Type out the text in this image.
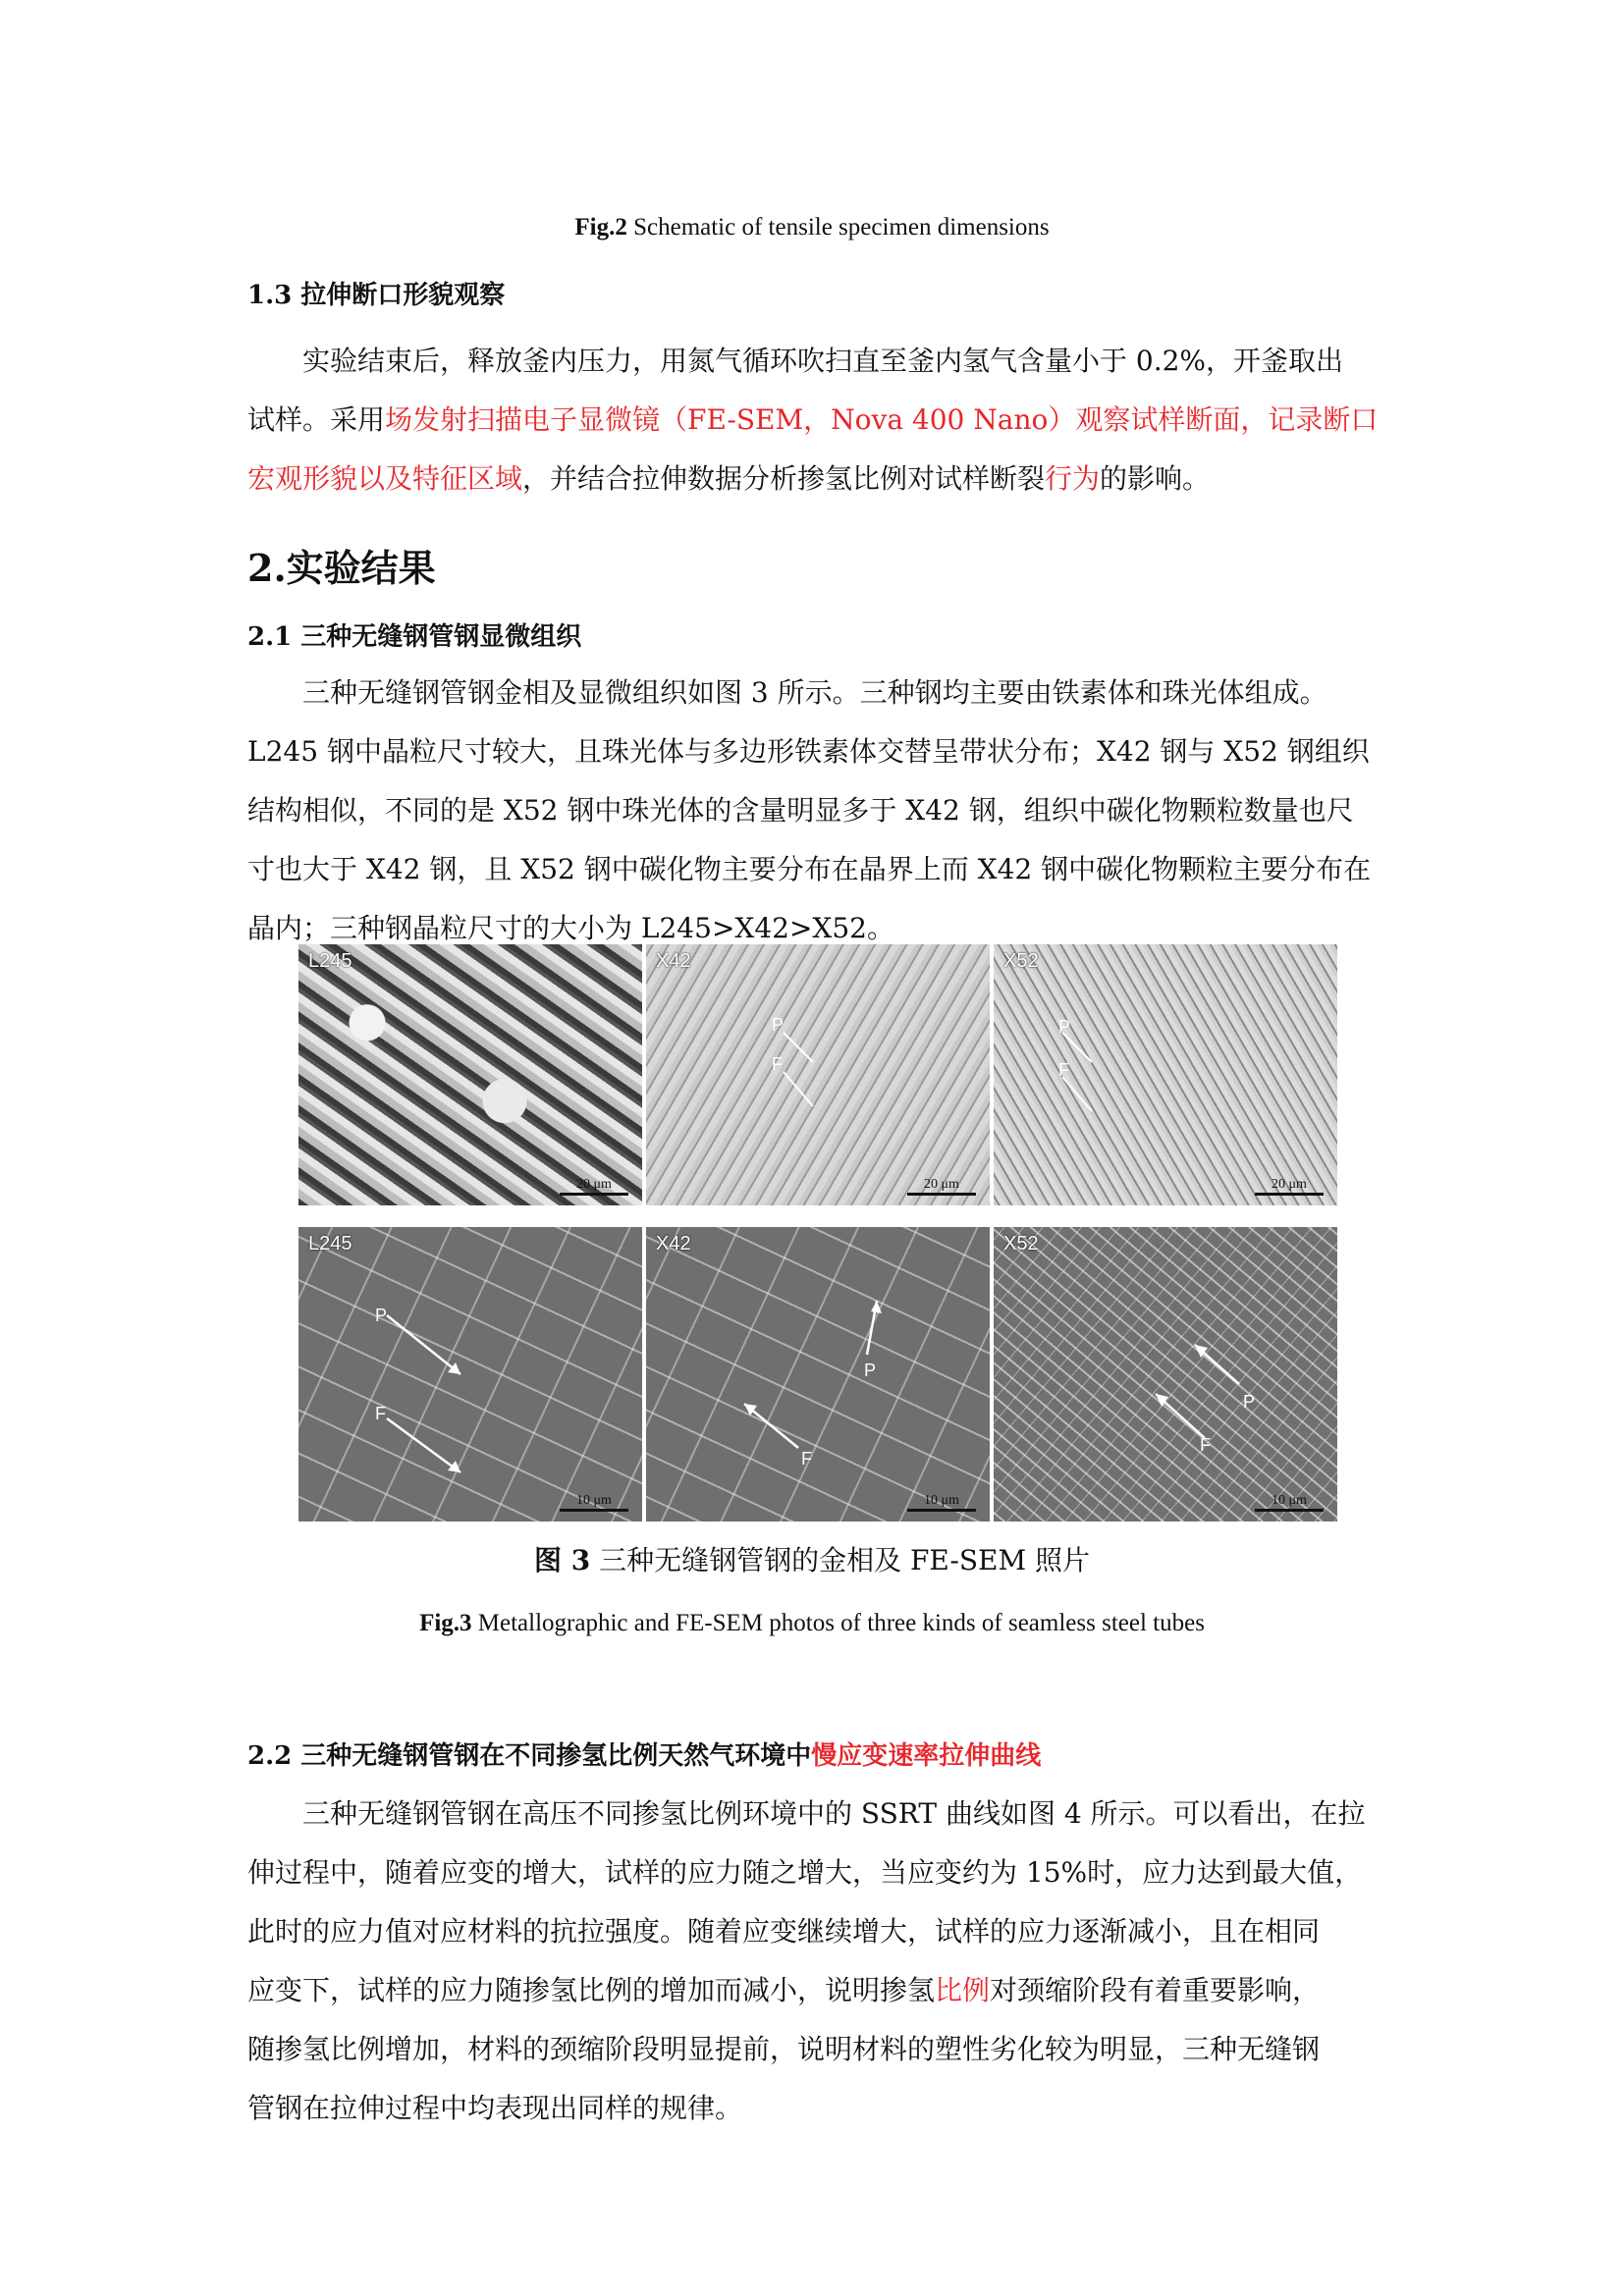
Fig.2 Schematic of tensile specimen dimensions
1.3 拉伸断口形貌观察
实验结束后，释放釜内压力，用氮气循环吹扫直至釜内氢气含量小于 0.2%，开釜取出
试样。采用场发射扫描电子显微镜（FE-SEM，Nova 400 Nano）观察试样断面，记录断口
宏观形貌以及特征区域，并结合拉伸数据分析掺氢比例对试样断裂行为的影响。
2.实验结果
2.1 三种无缝钢管钢显微组织
三种无缝钢管钢金相及显微组织如图 3 所示。三种钢均主要由铁素体和珠光体组成。
L245 钢中晶粒尺寸较大，且珠光体与多边形铁素体交替呈带状分布；X42 钢与 X52 钢组织
结构相似，不同的是 X52 钢中珠光体的含量明显多于 X42 钢，组织中碳化物颗粒数量也尺
寸也大于 X42 钢，且 X52 钢中碳化物主要分布在晶界上而 X42 钢中碳化物颗粒主要分布在
晶内；三种钢晶粒尺寸的大小为 L245>X42>X52。
L245
20 μm
X42
P
F
20 μm
X52
P
F
20 μm
L245
P
F
10 μm
X42
P
F
10 μm
X52
P
F
10 μm
图 3 三种无缝钢管钢的金相及 FE-SEM 照片
Fig.3 Metallographic and FE-SEM photos of three kinds of seamless steel tubes
2.2 三种无缝钢管钢在不同掺氢比例天然气环境中慢应变速率拉伸曲线
三种无缝钢管钢在高压不同掺氢比例环境中的 SSRT 曲线如图 4 所示。可以看出，在拉
伸过程中，随着应变的增大，试样的应力随之增大，当应变约为 15%时，应力达到最大值，
此时的应力值对应材料的抗拉强度。随着应变继续增大，试样的应力逐渐减小，且在相同
应变下，试样的应力随掺氢比例的增加而减小，说明掺氢比例对颈缩阶段有着重要影响，
随掺氢比例增加，材料的颈缩阶段明显提前，说明材料的塑性劣化较为明显，三种无缝钢
管钢在拉伸过程中均表现出同样的规律。
